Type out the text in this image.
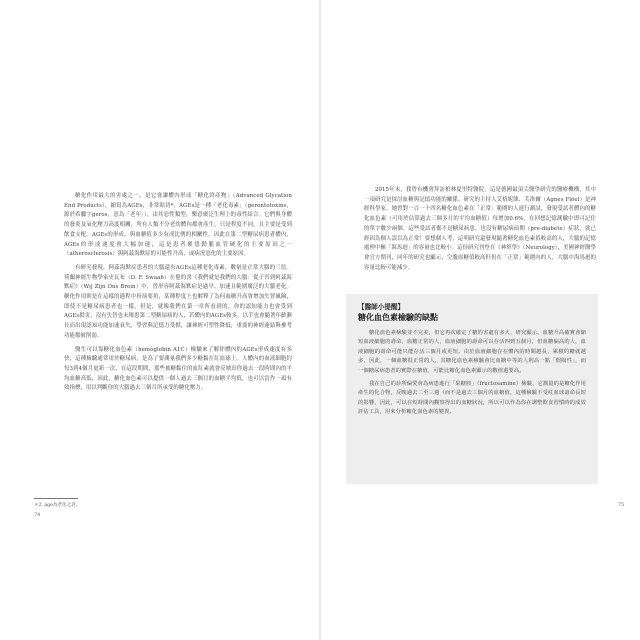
糖化作用最大的害處之一，是它會讓體內形成「糖化終產物」（Advanced Glycation End Products），縮寫為AGEs，非常貼切*。AGEs是一種「老化毒素」（gerontotoxins，源於希臘字geros，意為「老年」），由其惡性類型，樂意廣泛生理上的毒性結合。它們與身體的發炎及氧化壓力高度相關，所有人類不分老幼體內都會產生，只是程度不同，且主要是受到飲食支配。AGEs的形成，與血糖值多少有成比例的相關性，因此在第二型糖尿病患者體內，AGEs的形成速度會大幅加速，這是患者罹患動脈血管硬化的主要原因之一（atherosclerosis）與阿茲海默症的可能性升高，或病況惡化的主要原因。

有研究發現，阿茲海默症患者的大腦還有AGEs這種老化毒素，數量是正常大腦的三倍。荷蘭神經生物學家史瓦布（D. F. Swaab）在他的書《我們就是我們的大腦：從子宮到阿茲海默症》（Wij Zijn Ons Brein）中，曾形容阿茲海默症是過早、加速且範圍廣泛的大腦老化。糖化作用則是在這樣的過程中扮演要角，某種程度上也解釋了為何血糖升高會增加失智風險，即使不是糖尿病患者也一樣。但是，就像我們在第一章所看到的，你的認知能力也會受到AGEs損害，沒有失智也未罹患第二型糖尿病的人，若體內的AGEs較多，以手也會隨著年齡漸長而出現認知功能加速衰失，學習與記憶力受損，讓神經可塑性降低，重要的神經連結與參考功能都被削弱。

醫生可以靠糖化血色素（hemoglobin A1C）檢驗來了解你體內的AGEs形成速度有多快，這種檢驗通常用於糖尿病，是為了要測量我們多少糖黏在紅血球上。人體內的血液細胞約每3到4個月更新一次，在這段期間，那些被糖黏住的血紅素就會反映出你過去一段時間內的平均血糖高低，因此，糖化血色素可以提供一個人過去三個月的血糖平均值，也可以當作一項有效指標，用以判斷你的大腦過去三個月所承受的糖化壓力。

＊2. age為老化之意。
74

2015年末，我曾有機會拜訪柏林夏里特醫院，這是德國最頂尖醫學研究的醫療機構，其中一項研究是探討血糖與記憶功能的關係。研究的主持人艾格妮絲．芙洛爾（Agnes Flöel）是神經科學家，她曾對一百一十四名糖化血色素在「正常」範圍的人進行測試，發現受試者體內的糖化血色素（可用於估算過去三個多月的平均血糖值）每增加0.6%，在回想記憶測驗中即可記住的單字數少兩個。這些受試者都不是糖尿病患，也沒有糖尿病前期（pre-diabete）症狀，就已經因為個人誤以為正常！要想個人考，這明研究還發現隨著糖化血色素值較高的人，大腦的記憶處理中樞「海馬迴」的容量也比較小。這份研究刊登在《神經學》（Neurology），美國神經醫學會官方期刊，同年的研究也顯示，空腹血糖值較高但仍在「正常」範圍內的人，大腦中海馬迴的容量比較可能減少。

【醫師小提醒】
糖化血色素檢驗的缺點

糖化血色素檢驗並不完美，但它再次確定了糖的害處有多大，研究顯示，血糖升高確實會縮短血液細胞的壽命，血糖正常的人，血液細胞的壽命可以存活四到五個月，但血糖偏高的人，血液細胞的壽命可能只能存活三個月或更短。由於血液細胞存在體內的時間越長，累積的糖就越多，因此，一個血糖很正常的人，其糖化血色素檢驗會比血糖中等的人則高一點「假陽性」，而一個糖尿病患者的實際在糖值，可能比糖化血色素顯示的數值還要高。

我在自己的診所偏愛會為病患進行「果糖胺」（fructosamine）檢驗，它測量的是糖化作用產生的化合物，反映過去二至三週（而不是過去三個月的血糖值，這種檢驗不受紅血球壽命長短的影響，因此，可以在短時間內觀察得出的血糖狀況，所以可以作為你在調整飲食習慣時的成效評估工具，用來分析糖化血色素的變異。

75
